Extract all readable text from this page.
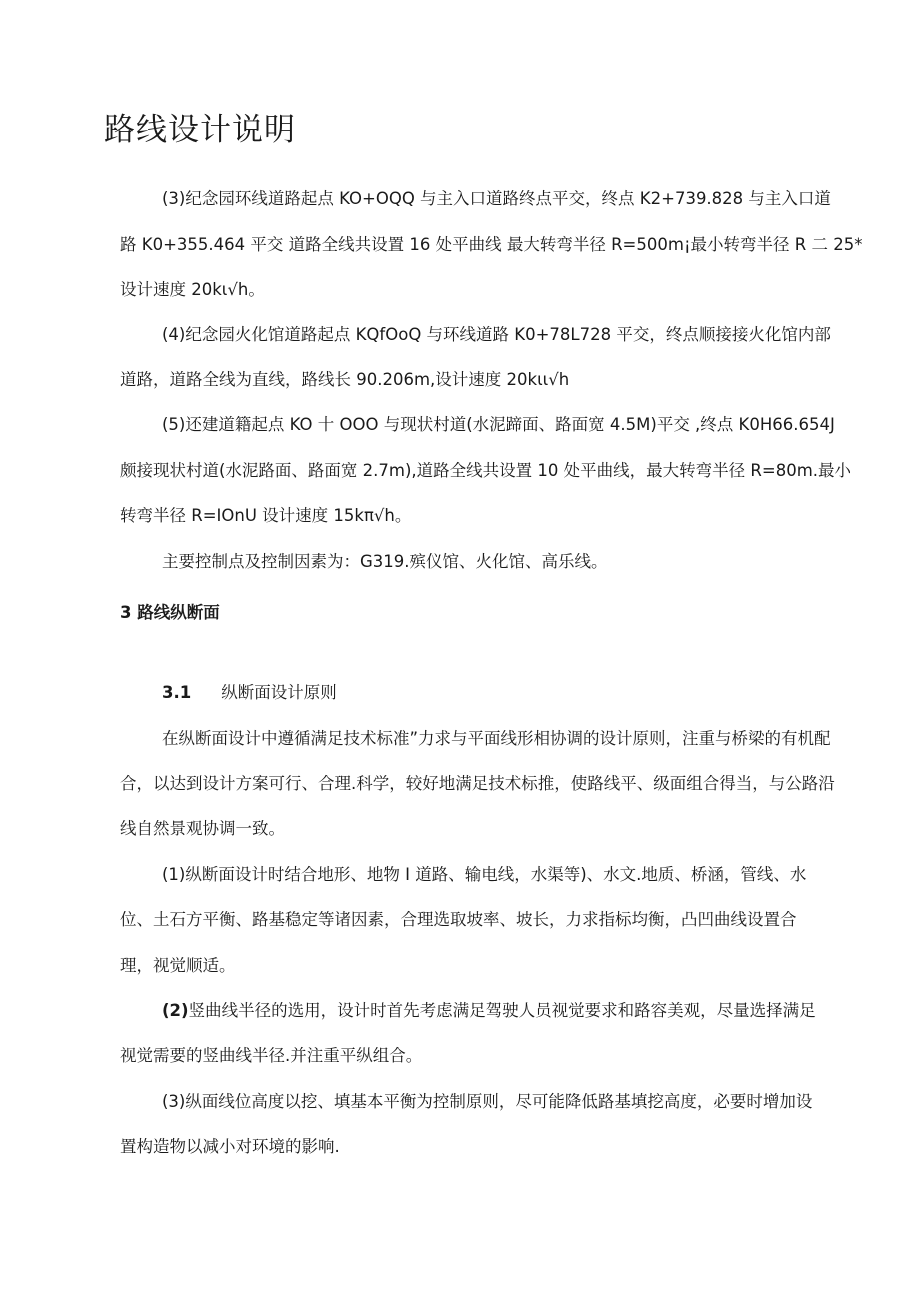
路线设计说明

(3)纪念园环线道路起点 KO+OQQ 与主入口道路终点平交，终点 K2+739.828 与主入口道

路 K0+355.464 平交 道路全线共设置 16 处平曲线 最大转弯半径 R=500m¡最小转弯半径 R 二 25*

设计速度 20kι√h。

(4)纪念园火化馆道路起点 KQfOoQ 与环线道路 K0+78L728 平交，终点顺接接火化馆内部

道路，道路全线为直线，路线长 90.206m,设计速度 20kιι√h

(5)还建道籍起点 KO 十 OOO 与现状村道(水泥蹄面、路面宽 4.5M)平交 ,终点 K0H66.654J

颇接现状村道(水泥路面、路面宽 2.7m),道路全线共设置 10 处平曲线，最大转弯半径 R=80m.最小

转弯半径 R=IOnU 设计速度 15kπ√h。

主要控制点及控制因素为：G319.殡仪馆、火化馆、高乐线。

3 路线纵断面

3.1 纵断面设计原则

在纵断面设计中遵循满足技术标准”力求与平面线形相协调的设计原则，注重与桥梁的有机配

合，以达到设计方案可行、合理.科学，较好地满足技术标推，使路线平、级面组合得当，与公路沿

线自然景观协调一致。

(1)纵断面设计时结合地形、地物 I 道路、输电线，水渠等)、水文.地质、桥涵，管线、水

位、土石方平衡、路基稳定等诸因素，合理选取坡率、坡长，力求指标均衡，凸凹曲线设置合

理，视觉顺适。

(2)竖曲线半径的选用，设计时首先考虑满足驾驶人员视觉要求和路容美观，尽量选择满足

视觉需要的竖曲线半径.并注重平纵组合。

(3)纵面线位高度以挖、填基本平衡为控制原则，尽可能降低路基填挖高度，必要时增加设

置构造物以减小对环境的影响.
